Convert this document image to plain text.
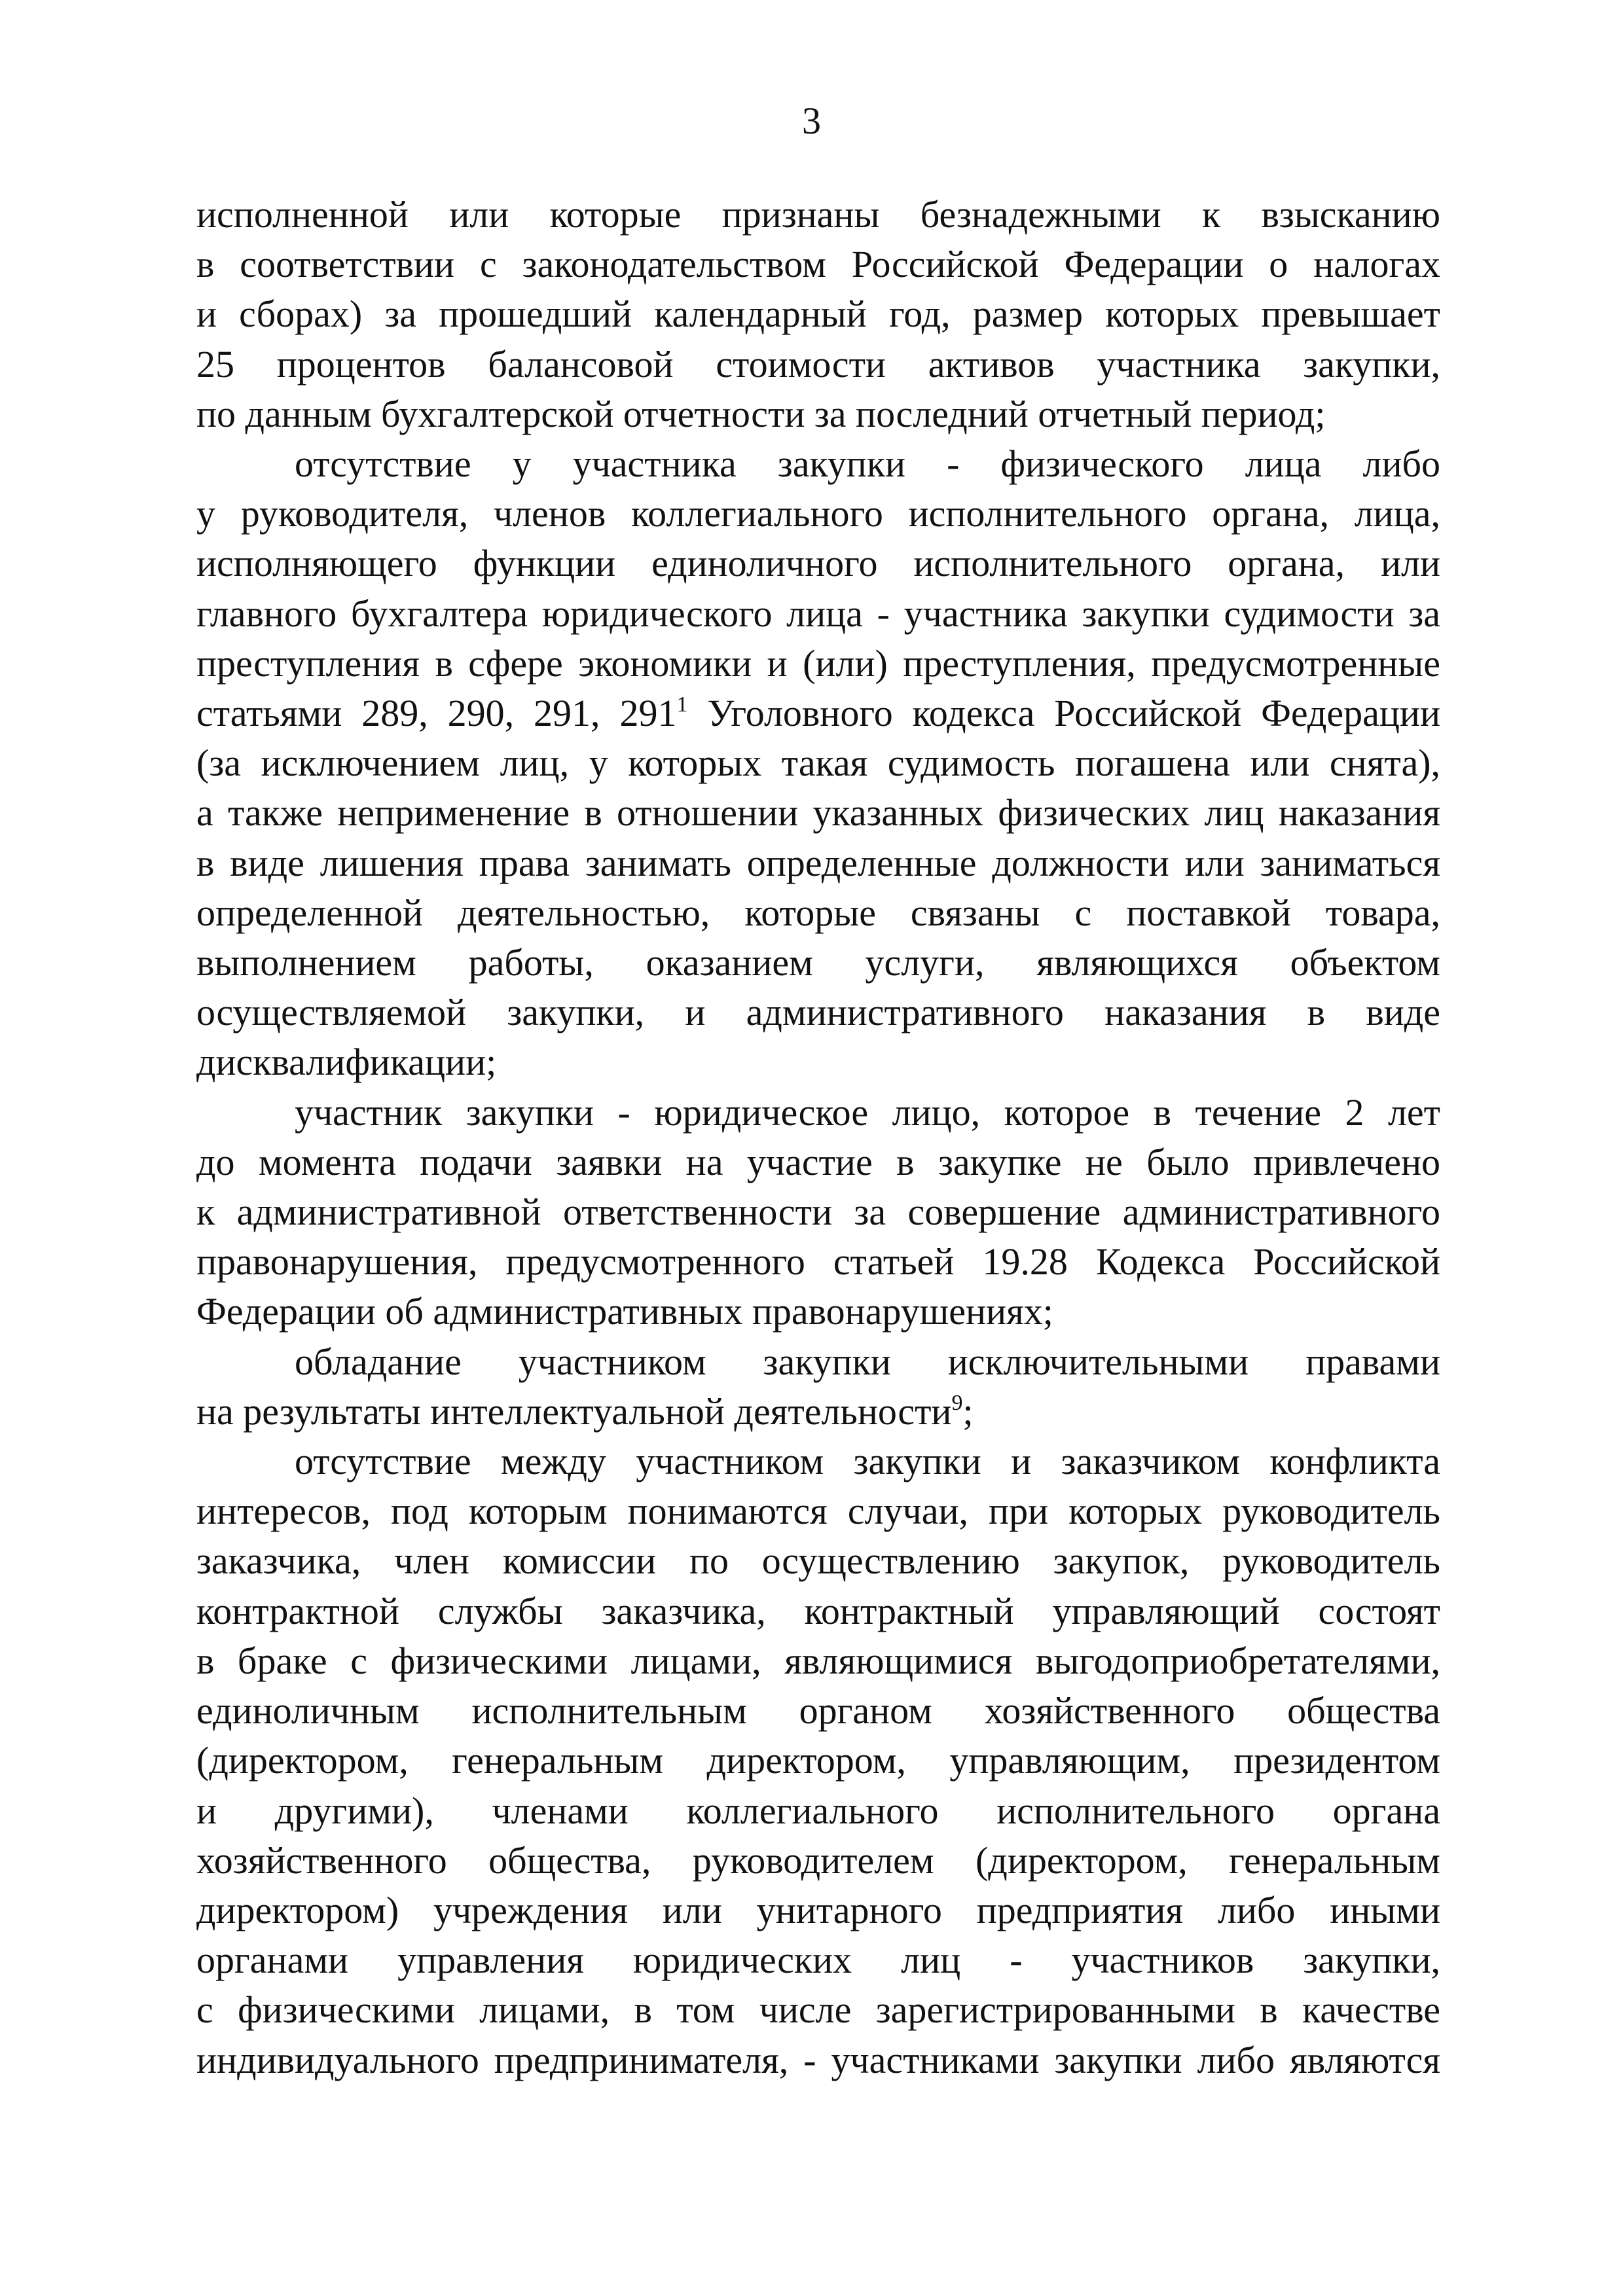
3

исполненной или которые признаны безнадежными к взысканию
в соответствии с законодательством Российской Федерации о налогах
и сборах) за прошедший календарный год, размер которых превышает
25 процентов балансовой стоимости активов участника закупки,
по данным бухгалтерской отчетности за последний отчетный период;

отсутствие у участника закупки - физического лица либо
у руководителя, членов коллегиального исполнительного органа, лица,
исполняющего функции единоличного исполнительного органа, или
главного бухгалтера юридического лица - участника закупки судимости за
преступления в сфере экономики и (или) преступления, предусмотренные
статьями 289, 290, 291, $291^1$ Уголовного кодекса Российской Федерации
(за исключением лиц, у которых такая судимость погашена или снята),
а также неприменение в отношении указанных физических лиц наказания
в виде лишения права занимать определенные должности или заниматься
определенной деятельностью, которые связаны с поставкой товара,
выполнением работы, оказанием услуги, являющихся объектом
осуществляемой закупки, и административного наказания в виде
дисквалификации;

участник закупки - юридическое лицо, которое в течение 2 лет
до момента подачи заявки на участие в закупке не было привлечено
к административной ответственности за совершение административного
правонарушения, предусмотренного статьей 19.28 Кодекса Российской
Федерации об административных правонарушениях;

обладание участником закупки исключительными правами
на результаты интеллектуальной деятельности$^9$;

отсутствие между участником закупки и заказчиком конфликта
интересов, под которым понимаются случаи, при которых руководитель
заказчика, член комиссии по осуществлению закупок, руководитель
контрактной службы заказчика, контрактный управляющий состоят
в браке с физическими лицами, являющимися выгодоприобретателями,
единоличным исполнительным органом хозяйственного общества
(директором, генеральным директором, управляющим, президентом
и другими), членами коллегиального исполнительного органа
хозяйственного общества, руководителем (директором, генеральным
директором) учреждения или унитарного предприятия либо иными
органами управления юридических лиц - участников закупки,
с физическими лицами, в том числе зарегистрированными в качестве
индивидуального предпринимателя, - участниками закупки либо являются
